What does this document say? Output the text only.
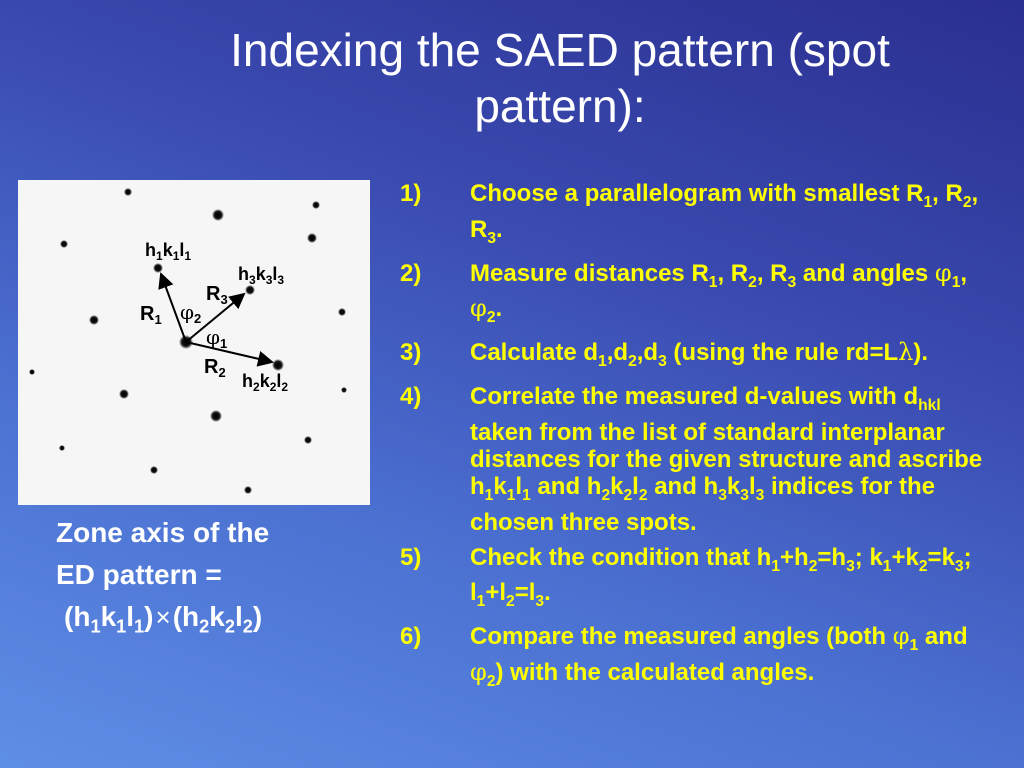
Indexing the SAED pattern (spot
pattern):
$h_1k_1l_1$
$h_3k_3l_3$
$h_2k_2l_2$
$R_1$
$R_3$
$R_2$
$\varphi_2$
$\varphi_1$
Zone axis of the
ED pattern =
$(h_1k_1l_1)\times(h_2k_2l_2)$
1) Choose a parallelogram with smallest $R_1$, $R_2$, $R_3$.
2) Measure distances $R_1$, $R_2$, $R_3$ and angles $\varphi_1$, $\varphi_2$.
3) Calculate $d_1,d_2,d_3$ (using the rule rd=Lλ).
4) Correlate the measured d-values with $d_{hkl}$ taken from the list of standard interplanar distances for the given structure and ascribe $h_1k_1l_1$ and $h_2k_2l_2$ and $h_3k_3l_3$ indices for the chosen three spots.
5) Check the condition that $h_1+h_2=h_3$; $k_1+k_2=k_3$; $l_1+l_2=l_3$.
6) Compare the measured angles (both $\varphi_1$ and $\varphi_2$) with the calculated angles.
